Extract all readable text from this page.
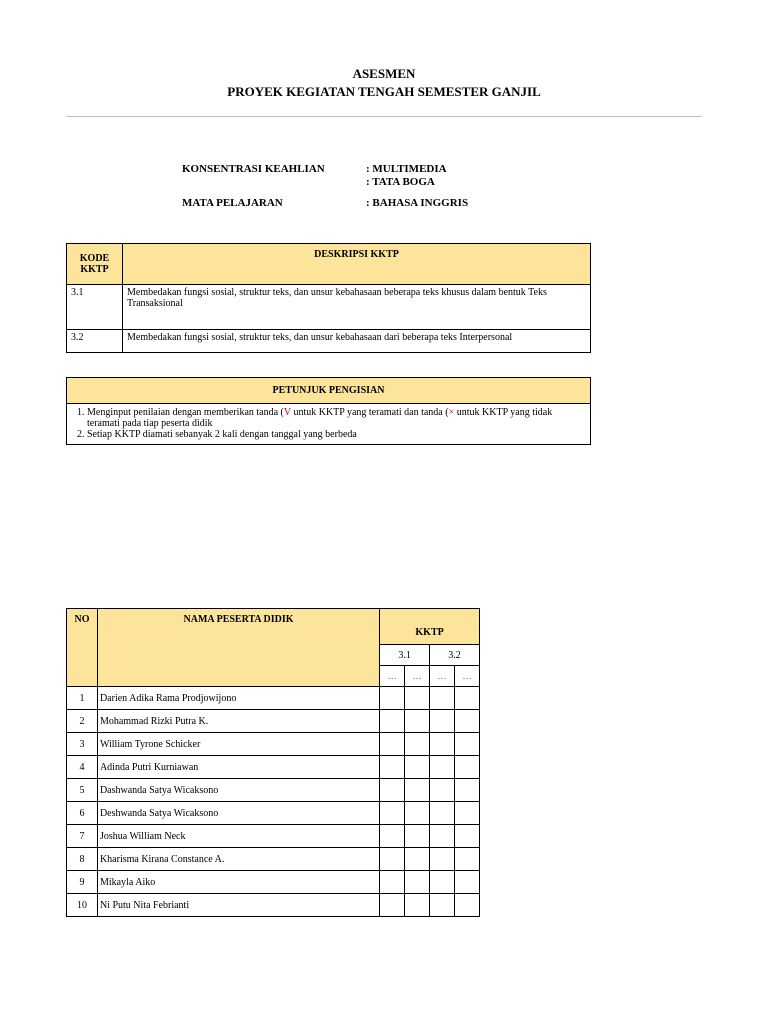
ASESMEN
PROYEK KEGIATAN TENGAH SEMESTER GANJIL
KONSENTRASI KEAHLIAN	: MULTIMEDIA
: TATA BOGA
MATA PELAJARAN	: BAHASA INGGRIS
KODE
KKTP	DESKRIPSI KKTP
3.1	Membedakan fungsi sosial, struktur teks, dan unsur kebahasaan beberapa teks khusus dalam bentuk Teks Transaksional
3.2	Membedakan fungsi sosial, struktur teks, dan unsur kebahasaan dari beberapa teks Interpersonal
PETUNJUK PENGISIAN

1. Menginput penilaian dengan memberikan tanda (V untuk KKTP yang teramati dan tanda (× untuk KKTP yang tidak teramati pada tiap peserta didik
2. Setiap KKTP diamati sebanyak 2 kali dengan tanggal yang berbeda
NO	NAMA PESERTA DIDIK	KKTP			
		3.1		3.2	
		…	…	…	…
1	Darien Adika Rama Prodjowijono				
2	Mohammad Rizki Putra K.				
3	William Tyrone Schicker				
4	Adinda Putri Kurniawan				
5	Dashwanda Satya Wicaksono				
6	Deshwanda Satya Wicaksono				
7	Joshua William Neck				
8	Kharisma Kirana Constance A.				
9	Mikayla Aiko				
10	Ni Putu Nita Febrianti				
